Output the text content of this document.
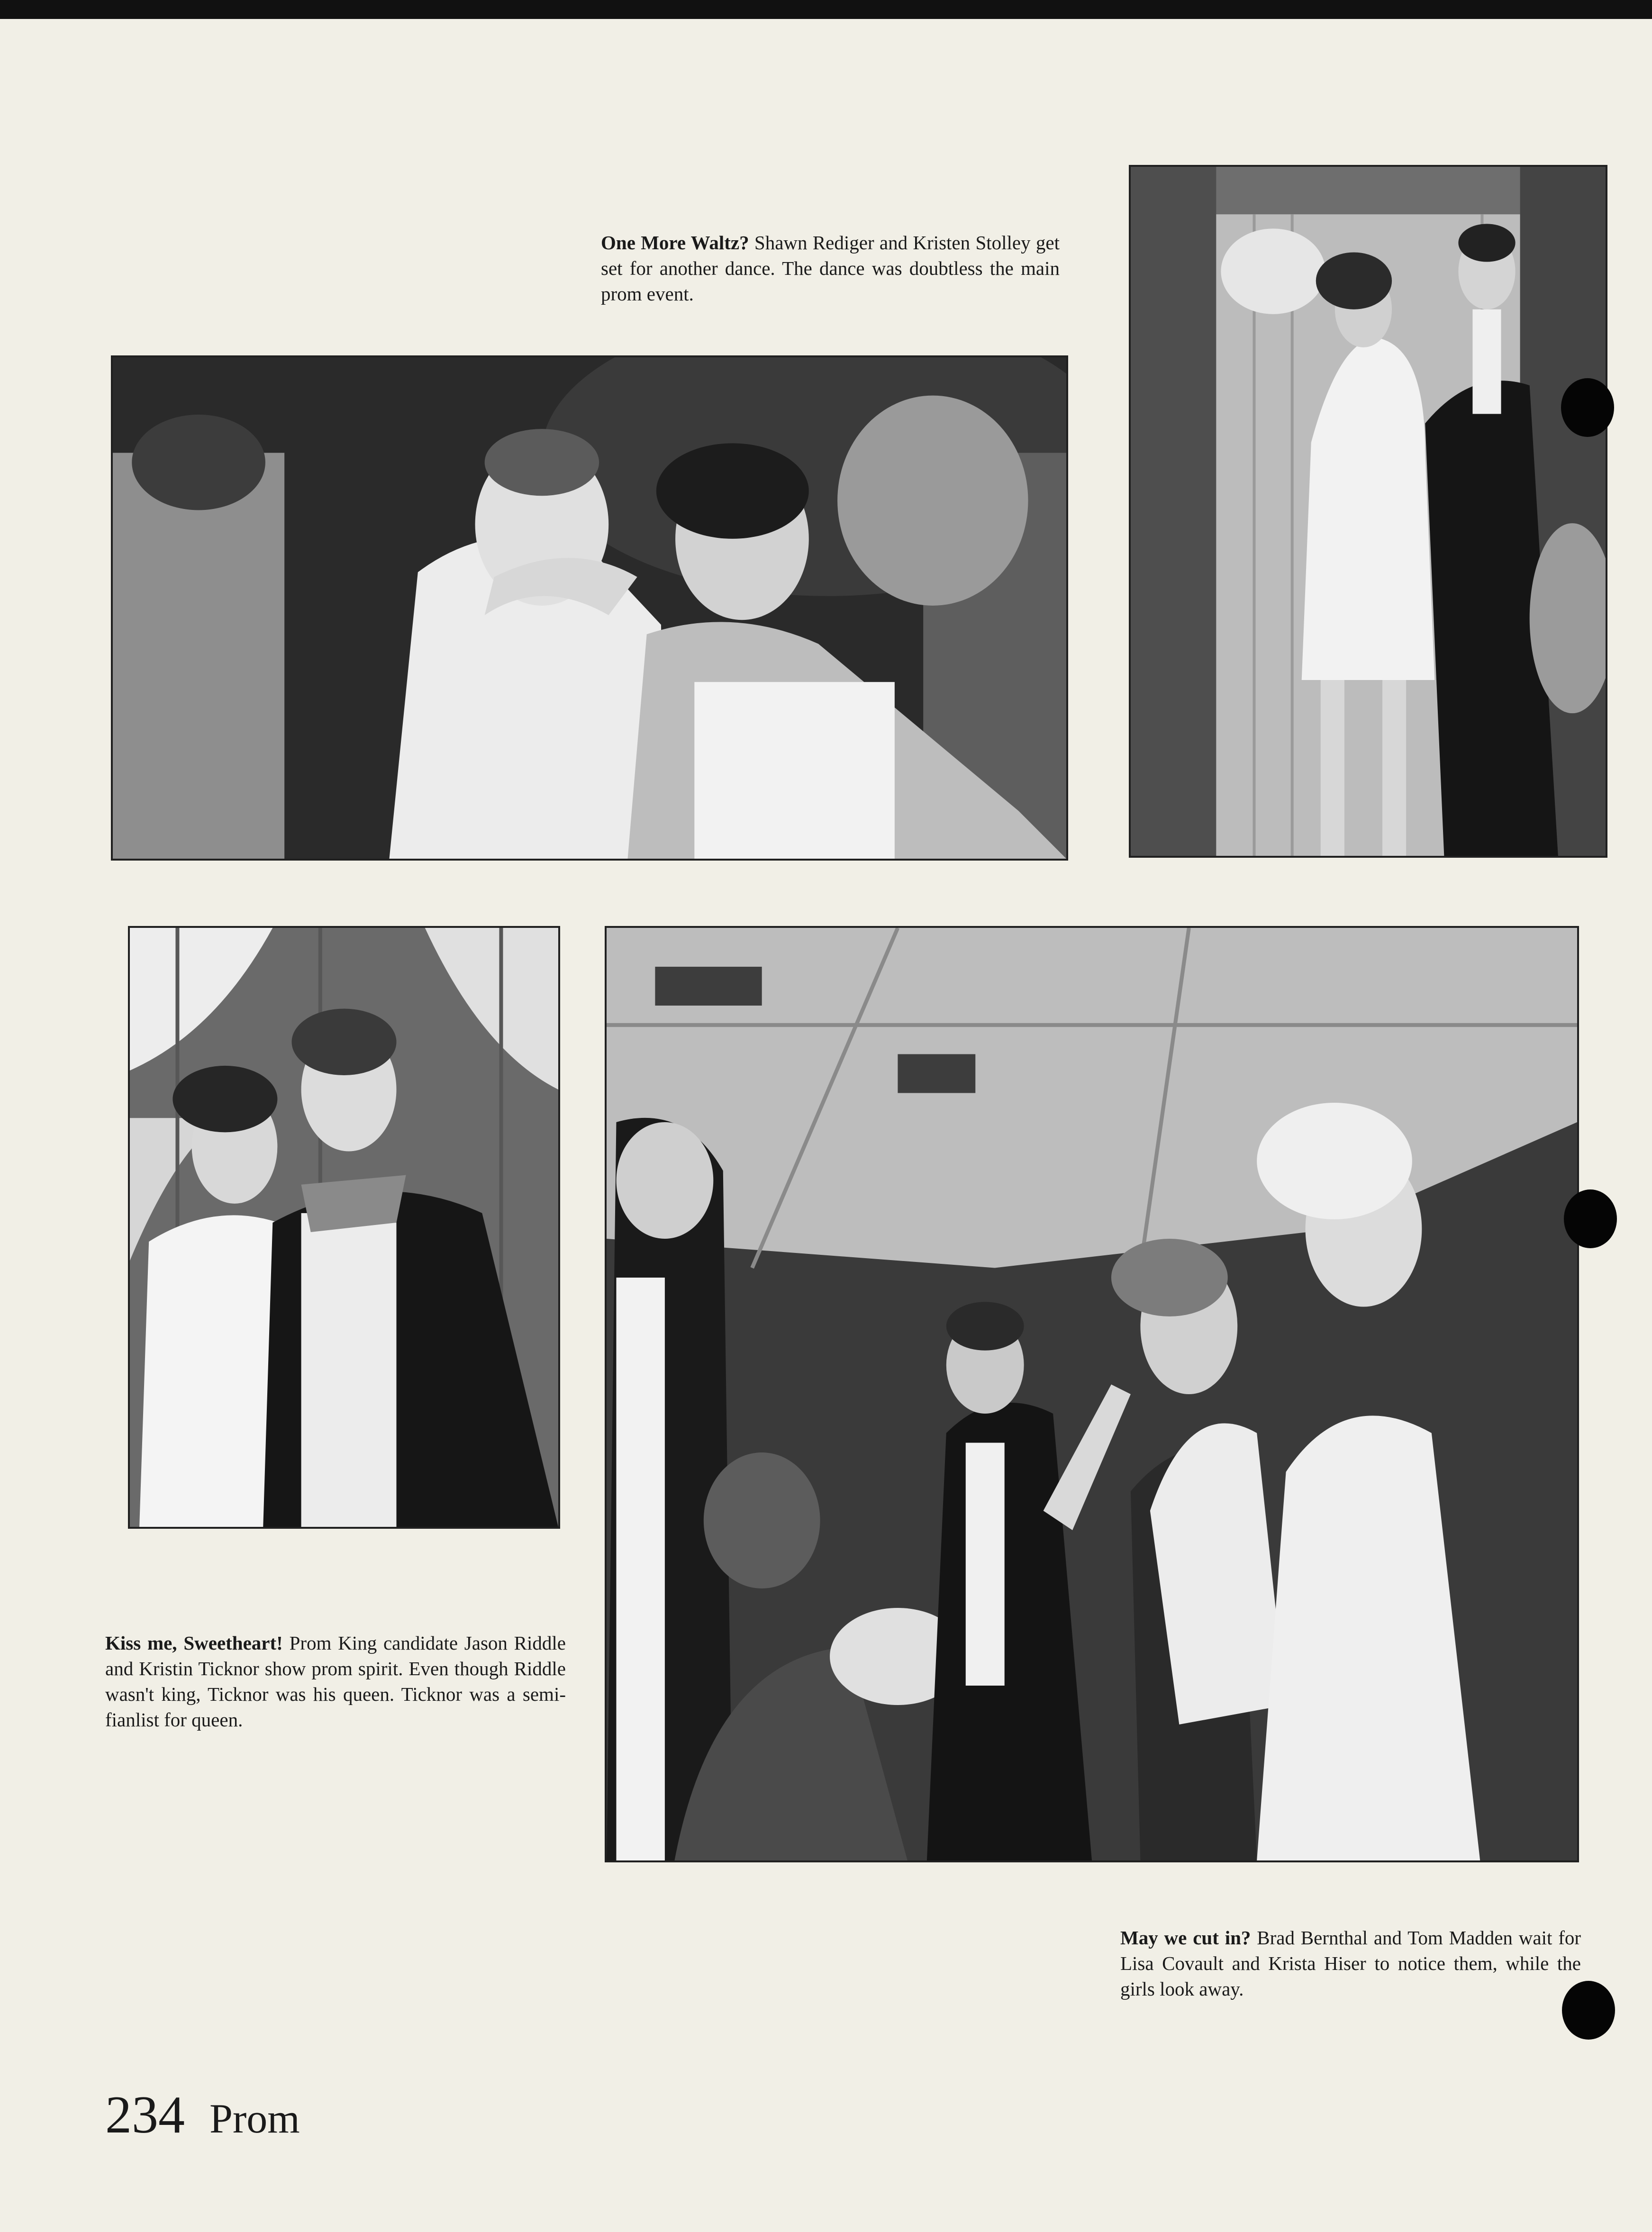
One More Waltz? Shawn Rediger and Kristen Stolley get set for another dance. The dance was doubtless the main prom event.
Kiss me, Sweetheart! Prom King candidate Jason Riddle and Kristin Ticknor show prom spirit. Even though Riddle wasn't king, Ticknor was his queen. Ticknor was a semi-fianlist for queen.
May we cut in? Brad Bernthal and Tom Madden wait for Lisa Covault and Krista Hiser to notice them, while the girls look away.
234 Prom
